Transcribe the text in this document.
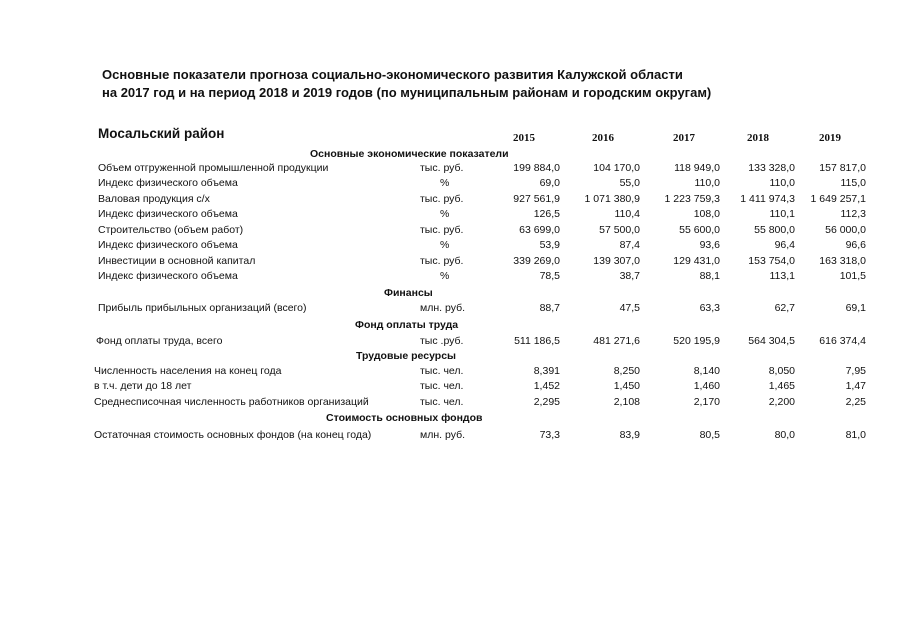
Основные показатели прогноза социально-экономического развития Калужской области
на 2017 год и на период 2018 и 2019 годов (по муниципальным районам и городским округам)
Мосальский район	2015	2016	2017	2018	2019
Основные экономические показатели
Объем отгруженной промышленной продукции	тыс. руб.	199 884,0	104 170,0	118 949,0	133 328,0	157 817,0
Индекс физического объема	%	69,0	55,0	110,0	110,0	115,0
Валовая продукция с/х	тыс. руб.	927 561,9	1 071 380,9	1 223 759,3	1 411 974,3	1 649 257,1
Индекс физического объема	%	126,5	110,4	108,0	110,1	112,3
Строительство (объем работ)	тыс. руб.	63 699,0	57 500,0	55 600,0	55 800,0	56 000,0
Индекс физического объема	%	53,9	87,4	93,6	96,4	96,6
Инвестиции в основной капитал	тыс. руб.	339 269,0	139 307,0	129 431,0	153 754,0	163 318,0
Индекс физического объема	%	78,5	38,7	88,1	113,1	101,5
Финансы
Прибыль прибыльных организаций (всего)	млн. руб.	88,7	47,5	63,3	62,7	69,1
Фонд оплаты труда
Фонд оплаты труда, всего	тыс .руб.	511 186,5	481 271,6	520 195,9	564 304,5	616 374,4
Трудовые ресурсы
Численность населения на конец года	тыс. чел.	8,391	8,250	8,140	8,050	7,95
в т.ч. дети до 18 лет	тыс. чел.	1,452	1,450	1,460	1,465	1,47
Среднесписочная численность работников организаций	тыс. чел.	2,295	2,108	2,170	2,200	2,25
Стоимость основных фондов
Остаточная стоимость основных фондов (на конец года)	млн. руб.	73,3	83,9	80,5	80,0	81,0
